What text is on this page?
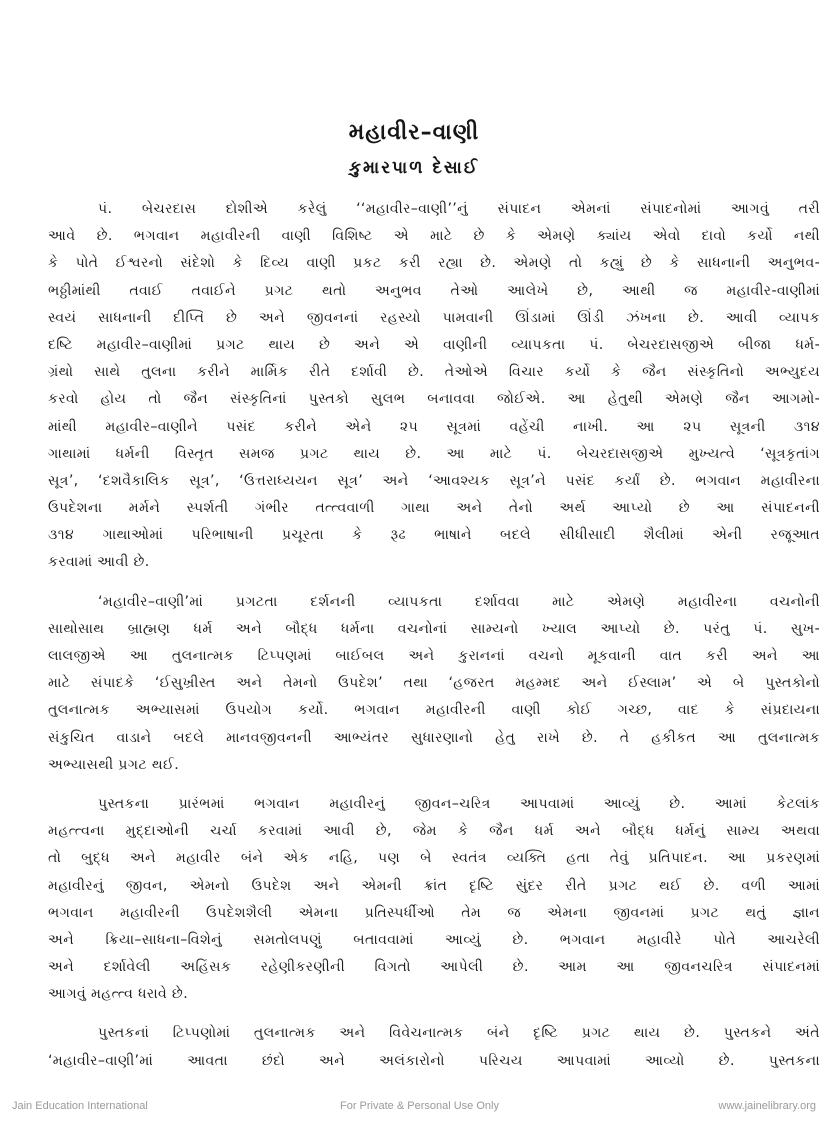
મહાવીર–વાણી
કુમારપાળ દેસાઈ
પં. બેચરદાસ દોશીએ કરેલું ‘‘મહાવીર–વાણી’’નું સંપાદન એમનાં સંપાદનોમાં આગવું તરી
આવે છે. ભગવાન મહાવીરની વાણી વિશિષ્ટ એ માટે છે કે એમણે ક્યાંય એવો દાવો કર્યો નથી
કે પોતે ઈશ્વરનો સંદેશો કે દિવ્ય વાણી પ્રકટ કરી રહ્યા છે. એમણે તો કહ્યું છે કે સાધનાની અનુભવ-
ભઠ્ઠીમાંથી તવાઈ તવાઈને પ્રગટ થતો અનુભવ તેઓ આલેખે છે, આથી જ મહાવીર-વાણીમાં
સ્વયં સાધનાની દીપ્તિ છે અને જીવનનાં રહસ્યો પામવાની ઊંડામાં ઊંડી ઝંખના છે. આવી વ્યાપક
દષ્ટિ મહાવીર–વાણીમાં પ્રગટ થાય છે અને એ વાણીની વ્યાપકતા પં. બેચરદાસજીએ બીજા ધર્મ-
ગ્રંથો સાથે તુલના કરીને માર્મિક રીતે દર્શાવી છે. તેઓએ વિચાર કર્યો કે જૈન સંસ્કૃતિનો અભ્યુદય
કરવો હોય તો જૈન સંસ્કૃતિનાં પુસ્તકો સુલભ બનાવવા જોઈએ. આ હેતુથી એમણે જૈન આગમો-
માંથી મહાવીર–વાણીને પસંદ કરીને એને ૨૫ સૂત્રમાં વહેંચી નાખી. આ ૨૫ સૂત્રની ૩૧૪
ગાથામાં ધર્મની વિસ્તૃત સમજ પ્રગટ થાય છે. આ માટે પં. બેચરદાસજીએ મુખ્યત્વે ‘સૂત્રકૃતાંગ
સૂત્ર’, ‘દશવૈકાલિક સૂત્ર’, ‘ઉત્તરાધ્યયન સૂત્ર’ અને ‘આવશ્યક સૂત્ર’ને પસંદ કર્યાં છે. ભગવાન મહાવીરના
ઉપદેશના મર્મને સ્પર્શતી ગંભીર તત્ત્વવાળી ગાથા અને તેનો અર્થ આપ્યો છે આ સંપાદનની
૩૧૪ ગાથાઓમાં પરિભાષાની પ્રચૂરતા કે રૂઢ ભાષાને બદલે સીધીસાદી શૈલીમાં એની રજૂઆત
કરવામાં આવી છે.
‘મહાવીર–વાણી’માં પ્રગટતા દર્શનની વ્યાપકતા દર્શાવવા માટે એમણે મહાવીરના વચનોની
સાથોસાથ બ્રાહ્મણ ધર્મ અને બૌદ્ધ ધર્મના વચનોનાં સામ્યનો ખ્યાલ આપ્યો છે. પરંતુ પં. સુખ-
લાલજીએ આ તુલનાત્મક ટિપ્પણમાં બાઈબલ અને કુરાનનાં વચનો મૂકવાની વાત કરી અને આ
માટે સંપાદકે ‘ઈસુખ્રીસ્ત અને તેમનો ઉપદેશ’ તથા ‘હજરત મહમ્મદ અને ઈસ્લામ’ એ બે પુસ્તકોનો
તુલનાત્મક અભ્યાસમાં ઉપયોગ કર્યો. ભગવાન મહાવીરની વાણી કોઈ ગચ્છ, વાદ કે સંપ્રદાયના
સંકુચિત વાડાને બદલે માનવજીવનની આભ્યંતર સુધારણાનો હેતુ રાખે છે. તે હકીકત આ તુલનાત્મક
અભ્યાસથી પ્રગટ થઈ.
પુસ્તકના પ્રારંભમાં ભગવાન મહાવીરનું જીવન–ચરિત્ર આપવામાં આવ્યું છે. આમાં કેટલાંક
મહત્ત્વના મુદ્દાઓની ચર્ચા કરવામાં આવી છે, જેમ કે જૈન ધર્મ અને બૌદ્ધ ધર્મનું સામ્ય અથવા
તો બુદ્ધ અને મહાવીર બંને એક નહિ, પણ બે સ્વતંત્ર વ્યક્તિ હતા તેવું પ્રતિપાદન. આ પ્રકરણમાં
મહાવીરનું જીવન, એમનો ઉપદેશ અને એમની ક્રાંત દૃષ્ટિ સુંદર રીતે પ્રગટ થઈ છે. વળી આમાં
ભગવાન મહાવીરની ઉપદેશશૈલી એમના પ્રતિસ્પર્ધીઓ તેમ જ એમના જીવનમાં પ્રગટ થતું જ્ઞાન
અને ક્રિયા–સાધના–વિશેનું સમતોલપણું બતાવવામાં આવ્યું છે. ભગવાન મહાવીરે પોતે આચરેલી
અને દર્શાવેલી અહિંસક રહેણીકરણીની વિગતો આપેલી છે. આમ આ જીવનચરિત્ર સંપાદનમાં
આગવું મહત્ત્વ ધરાવે છે.
પુસ્તકનાં ટિપ્પણોમાં તુલનાત્મક અને વિવેચનાત્મક બંને દૃષ્ટિ પ્રગટ થાય છે. પુસ્તકને અંતે
‘મહાવીર–વાણી’માં આવતા છંદો અને અલંકારોનો પરિચય આપવામાં આવ્યો છે. પુસ્તકના
Jain Education International	For Private & Personal Use Only	www.jainelibrary.org
